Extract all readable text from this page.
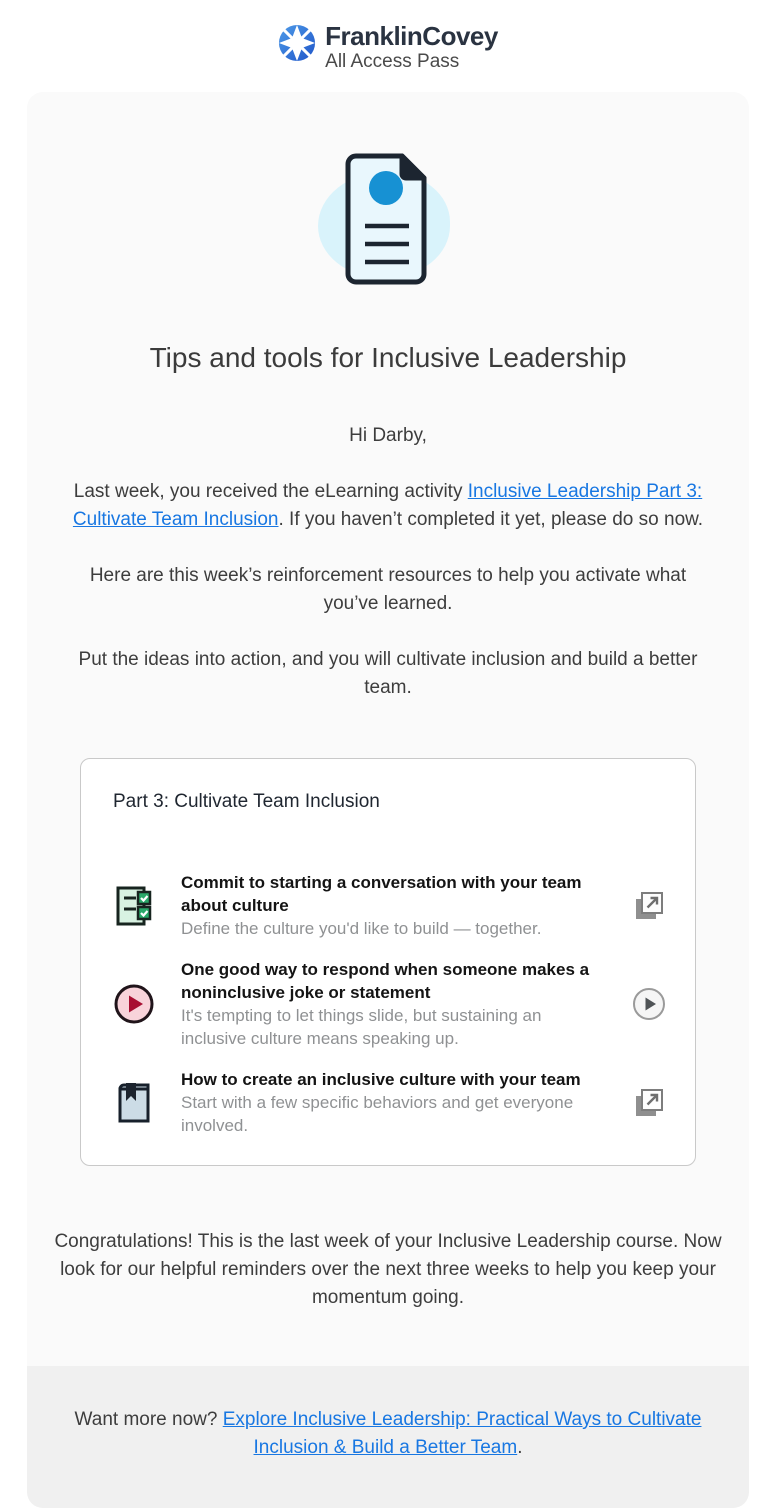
FranklinCovey
All Access Pass
Tips and tools for Inclusive Leadership

Hi Darby,

Last week, you received the eLearning activity Inclusive Leadership Part 3: Cultivate Team Inclusion. If you haven’t completed it yet, please do so now.

Here are this week’s reinforcement resources to help you activate what you’ve learned.

Put the ideas into action, and you will cultivate inclusion and build a better team.

Part 3: Cultivate Team Inclusion
Commit to starting a conversation with your team about culture
Define the culture you'd like to build — together.
One good way to respond when someone makes a noninclusive joke or statement
It's tempting to let things slide, but sustaining an inclusive culture means speaking up.
How to create an inclusive culture with your team
Start with a few specific behaviors and get everyone involved.

Congratulations! This is the last week of your Inclusive Leadership course. Now look for our helpful reminders over the next three weeks to help you keep your momentum going.

Want more now? Explore Inclusive Leadership: Practical Ways to Cultivate Inclusion & Build a Better Team.
